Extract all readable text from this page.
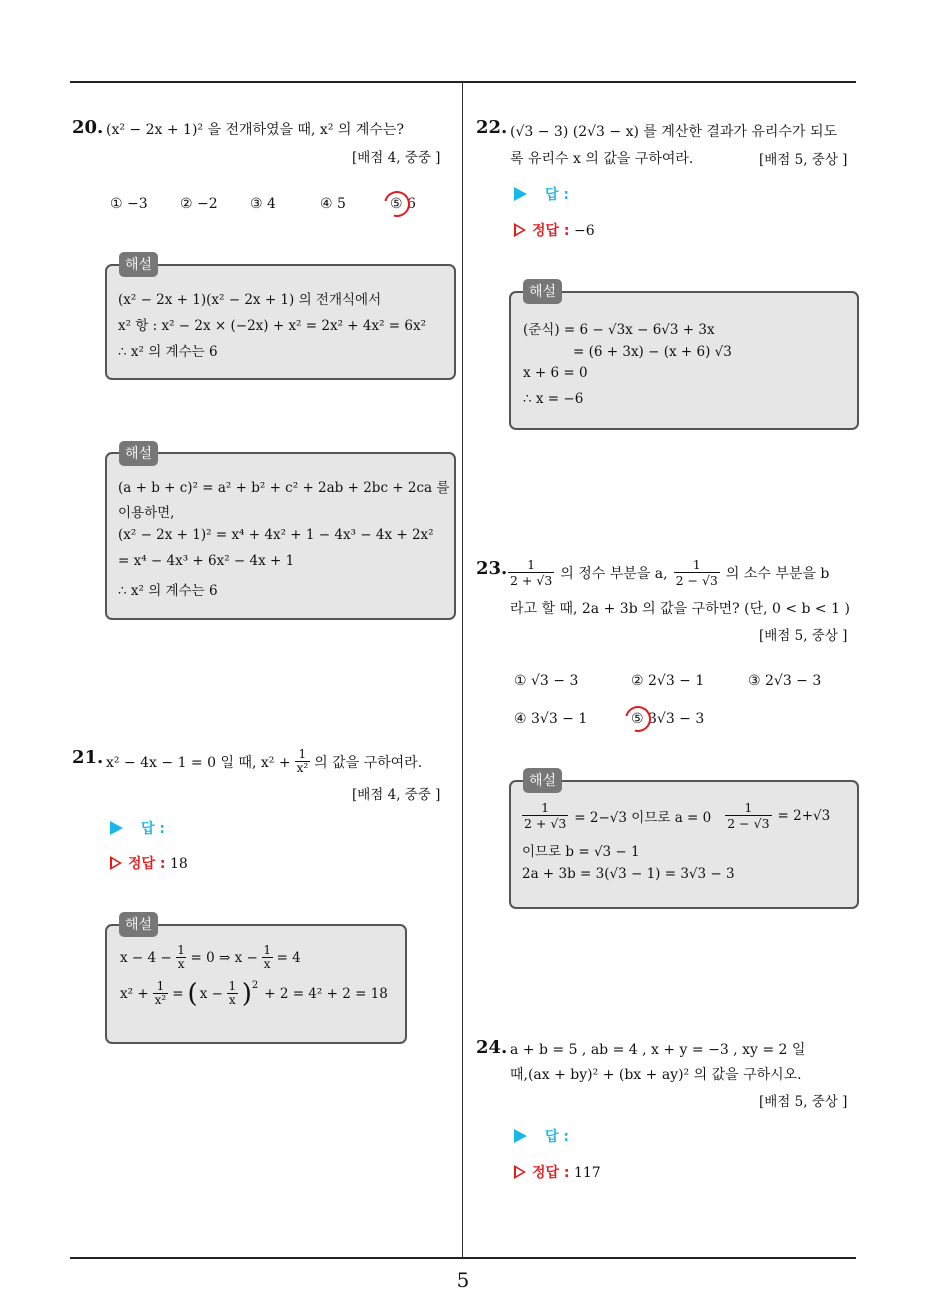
5
20. (x² − 2x + 1)² 을 전개하였을 때, x² 의 계수는?
[배점 4, 중중 ]
① −3 ② −2 ③ 4	④ 5	⑤ 6
해설
(x² − 2x + 1)(x² − 2x + 1) 의 전개식에서
x² 항 : x² − 2x × (−2x) + x² = 2x² + 4x² = 6x²
∴ x² 의 계수는 6
해설
(a + b + c)² = a² + b² + c² + 2ab + 2bc + 2ca 를
이용하면,
(x² − 2x + 1)² = x⁴ + 4x² + 1 − 4x³ − 4x + 2x²
= x⁴ − 4x³ + 6x² − 4x + 1
∴ x² 의 계수는 6
21. x² − 4x − 1 = 0 일 때, $x^2 + \frac{1}{\text{x²}}$ 의 값을 구하여라.
[배점 4, 중중 ]
답 :
정답 : 18
해설
$x - 4 - \frac{1}{x} = 0$ ⇒ $x - \frac{1}{x} = 4$
$x^2 + \frac{1}{\text{x²}}$ = ( $x - \frac{1}{x}$ ) 2 + 2 = 4² + 2 = 18
22. (√3 − 3) (2√3 − x) 를 계산한 결과가 유리수가 되도
록 유리수 x 의 값을 구하여라.	[배점 5, 중상 ]
답 :
정답 : −6
해설
(준식) = 6 − √3x − 6√3 + 3x
= (6 + 3x) − (x + 6) √3
x + 6 = 0
∴ x = −6
23. $\frac{1}{2 + √3}$ 의 정수 부분을 a, $\frac{1}{2 - √3}$ 의 소수 부분을 b
라고 할 때, 2a + 3b 의 값을 구하면? (단, 0 < b < 1 )
[배점 5, 중상 ]
① √3 − 3	② 2√3 − 1	③ 2√3 − 3
④ 3√3 − 1	⑤ 3√3 − 3
해설
$\frac{1}{2 + √3} = 2-√3$ 이므로 $a = 0 \frac{1}{2 - √3} = 2+√3$
이므로 b = √3 − 1
2a + 3b = 3(√3 − 1) = 3√3 − 3
24. a + b = 5 , ab = 4 , x + y = −3 , xy = 2 일
때,(ax + by)² + (bx + ay)² 의 값을 구하시오.
[배점 5, 중상 ]
답 :
정답 : 117
